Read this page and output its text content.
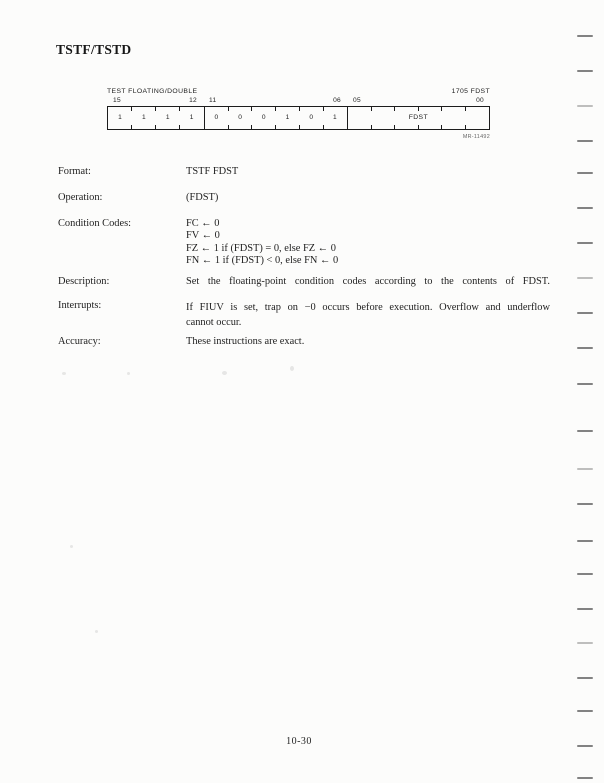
TSTF/TSTD
TEST FLOATING/DOUBLE	1705 FDST
15	12 11	06 05	00
1	1	1	1	0	0	0	1	0	1	FDST
MR-11492
Format:	TSTF FDST
Operation:	(FDST)
Condition Codes:	FC ← 0
FV ← 0
FZ ← 1 if (FDST) = 0, else FZ ← 0
FN ← 1 if (FDST) < 0, else FN ← 0
Description:	Set the floating-point condition codes according to the contents of FDST.
Interrupts:	If FIUV is set, trap on −0 occurs before execution. Overflow and underflow
cannot occur.
Accuracy:	These instructions are exact.
10-30
